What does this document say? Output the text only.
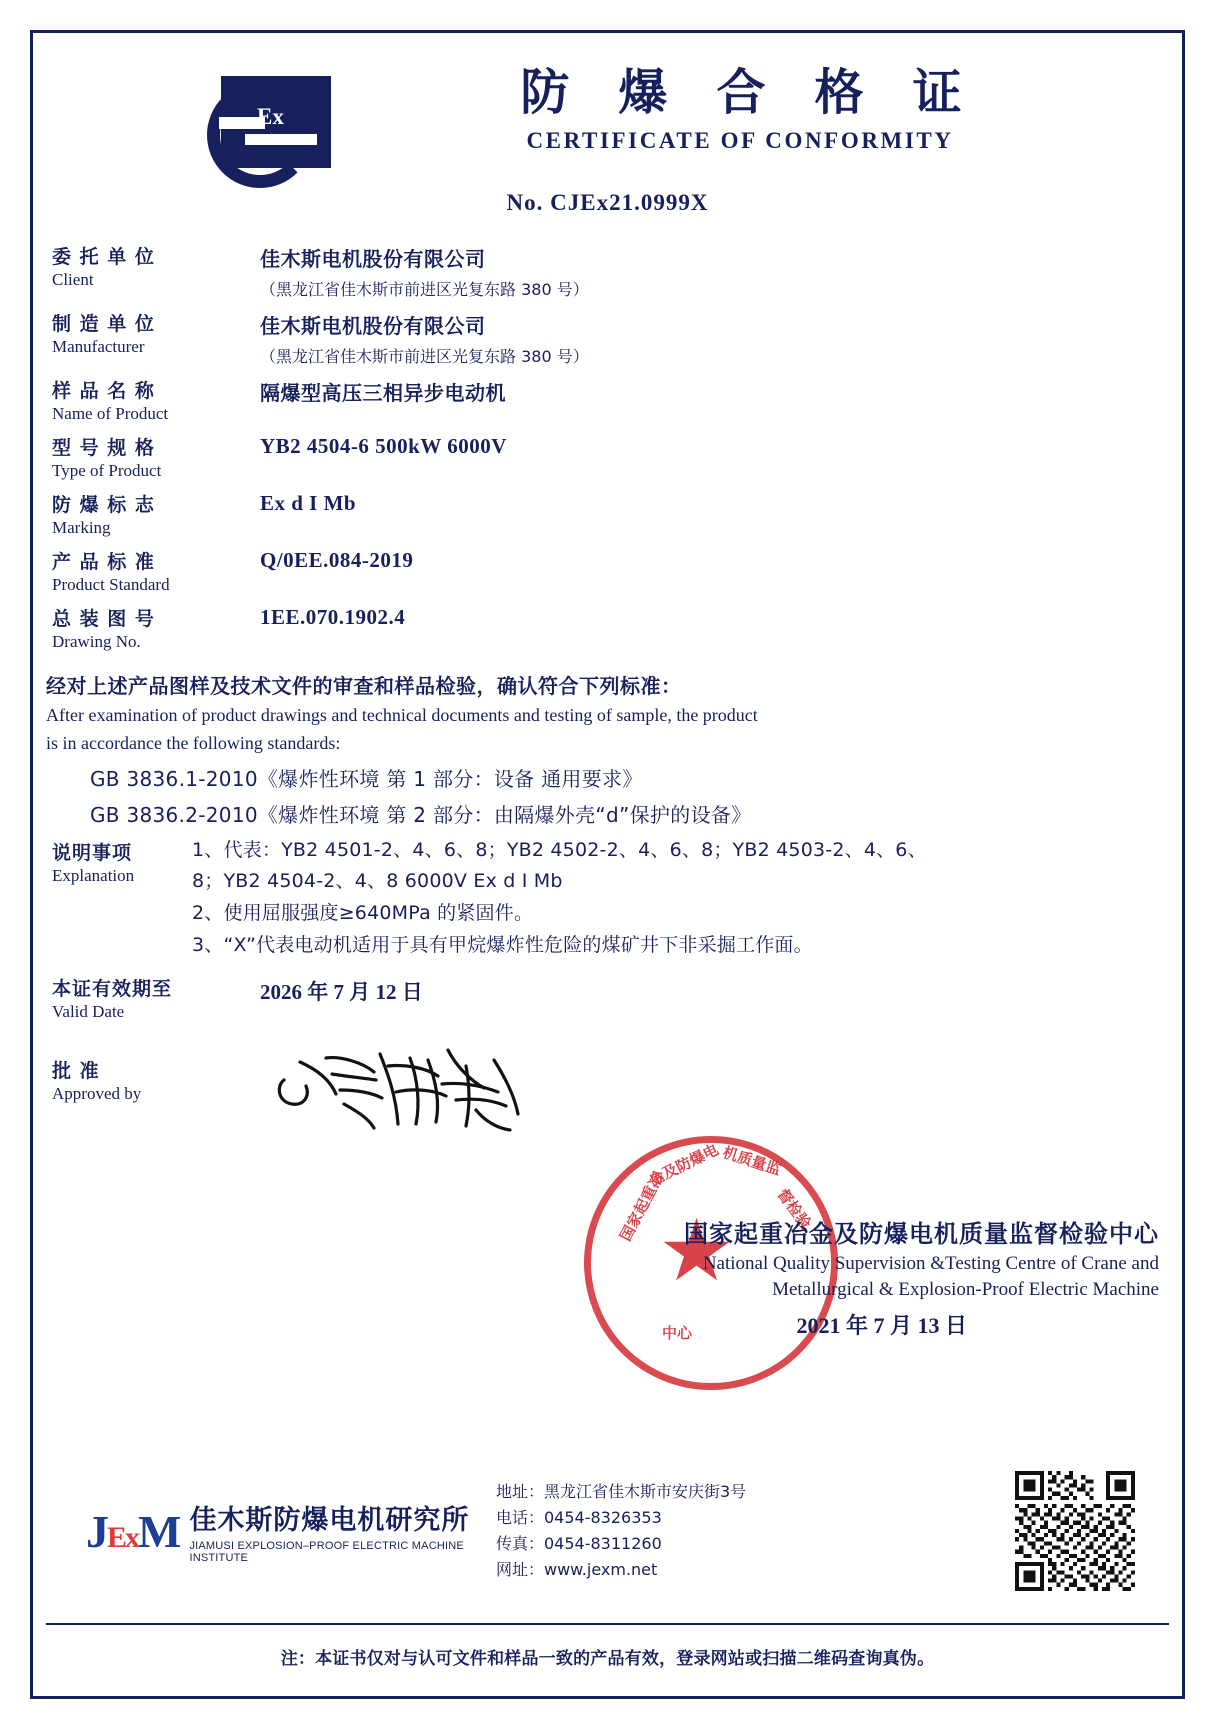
Ex	防 爆 合 格 证
CERTIFICATE OF CONFORMITY
No. CJEx21.0999X
委 托 单 位
Client
佳木斯电机股份有限公司
（黑龙江省佳木斯市前进区光复东路 380 号）
制 造 单 位
Manufacturer
佳木斯电机股份有限公司
（黑龙江省佳木斯市前进区光复东路 380 号）
样 品 名 称
Name of Product
隔爆型高压三相异步电动机
型 号 规 格
Type of Product
YB2 4504-6 500kW 6000V
防 爆 标 志
Marking
Ex d I Mb
产 品 标 准
Product Standard
Q/0EE.084-2019
总 装 图 号
Drawing No.
1EE.070.1902.4
经对上述产品图样及技术文件的审查和样品检验，确认符合下列标准：
After examination of product drawings and technical documents and testing of sample, the product
is in accordance the following standards:
GB 3836.1-2010《爆炸性环境 第 1 部分：设备 通用要求》
GB 3836.2-2010《爆炸性环境 第 2 部分：由隔爆外壳“d”保护的设备》
说明事项
Explanation
1、代表：YB2 4501-2、4、6、8；YB2 4502-2、4、6、8；YB2 4503-2、4、6、
8；YB2 4504-2、4、8 6000V Ex d I Mb
2、使用屈服强度≥640MPa 的紧固件。
3、“X”代表电动机适用于具有甲烷爆炸性危险的煤矿井下非采掘工作面。
本证有效期至
Valid Date
2026 年 7 月 12 日
批 准
Approved by
★
国家起重冶
金及防爆电 机质量监
督检验
中心
国家起重冶金及防爆电机质量监督检验中心
National Quality Supervision &Testing Centre of Crane and
Metallurgical & Explosion-Proof Electric Machine
2021 年 7 月 13 日
JExM 佳木斯防爆电机研究所
JIAMUSI EXPLOSION–PROOF ELECTRIC MACHINE INSTITUTE
地址：黑龙江省佳木斯市安庆街3号
电话：0454-8326353
传真：0454-8311260
网址：www.jexm.net
注：本证书仅对与认可文件和样品一致的产品有效，登录网站或扫描二维码查询真伪。
